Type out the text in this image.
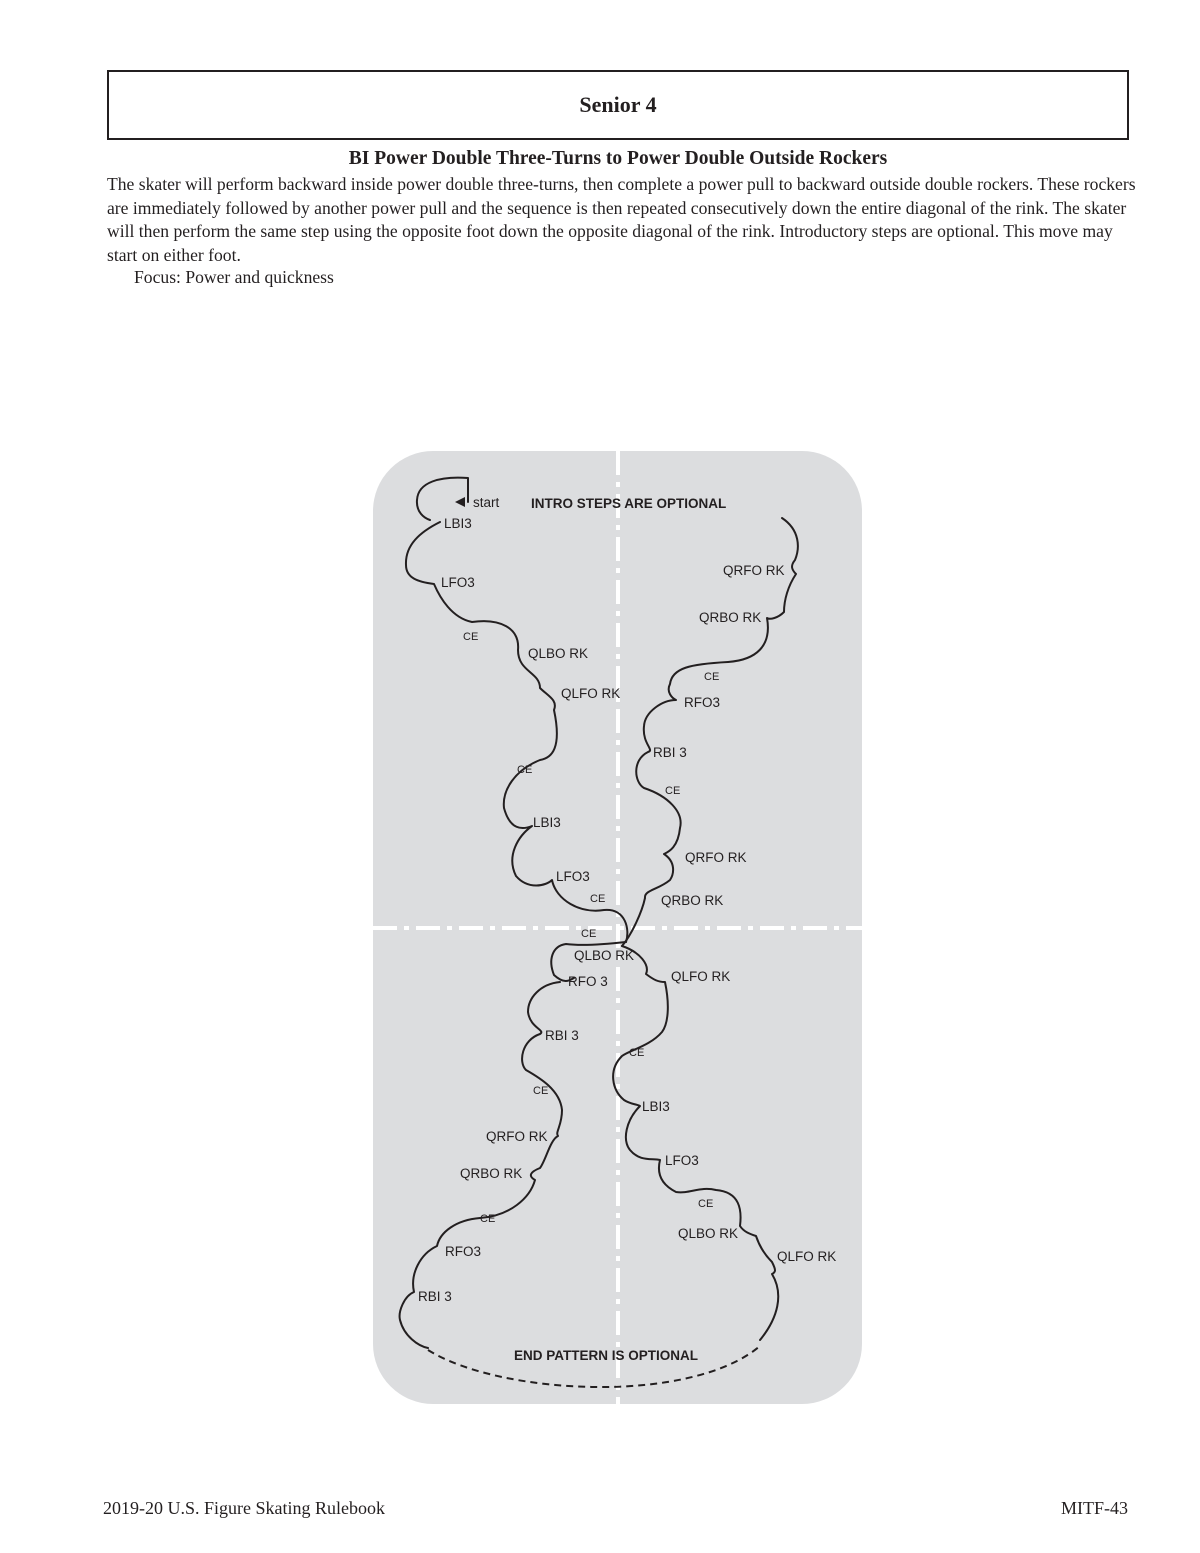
Senior 4
BI Power Double Three-Turns to Power Double Outside Rockers

The skater will perform backward inside power double three-turns, then complete a power pull to backward outside double rockers. These rockers are immediately followed by another power pull and the sequence is then repeated consecutively down the entire diagonal of the rink. The skater will then perform the same step using the opposite foot down the opposite diagonal of the rink. Introductory steps are optional. This move may start on either foot.

Focus: Power and quickness

start INTRO STEPS ARE OPTIONAL
END PATTERN IS OPTIONAL
LBI3
LFO3
CE
QLBO RK
QLFO RK
CE
LBI3
LFO3
CE
QRFO RK
QRBO RK
CE
RFO3
RBI 3
CE
QRFO RK
QRBO RK
CE
QLBO RK
RFO 3	QLFO RK
RBI 3
CE
CE
LBI3
QRFO RK
LFO3
QRBO RK
CE
CE
QLBO RK
RFO3	QLFO RK
RBI 3

2019-20 U.S. Figure Skating Rulebook	MITF-43
